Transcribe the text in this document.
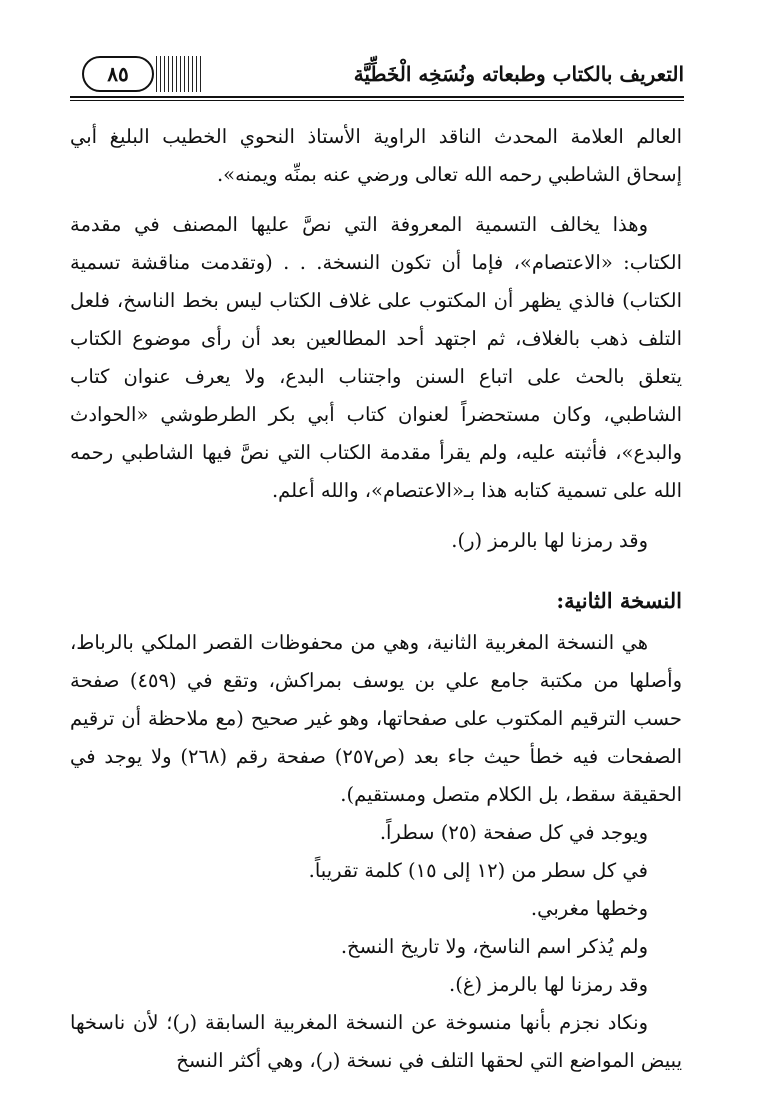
التعريف بالكتاب وطبعاته ونُسَخِه الْخَطِّيَّة
٨٥

العالم العلامة المحدث الناقد الراوية الأستاذ النحوي الخطيب البليغ أبي إسحاق الشاطبي رحمه الله تعالى ورضي عنه بمنِّه ويمنه».

وهذا يخالف التسمية المعروفة التي نصَّ عليها المصنف في مقدمة الكتاب: «الاعتصام»، فإما أن تكون النسخة. . . (وتقدمت مناقشة تسمية الكتاب) فالذي يظهر أن المكتوب على غلاف الكتاب ليس بخط الناسخ، فلعل التلف ذهب بالغلاف، ثم اجتهد أحد المطالعين بعد أن رأى موضوع الكتاب يتعلق بالحث على اتباع السنن واجتناب البدع، ولا يعرف عنوان كتاب الشاطبي، وكان مستحضراً لعنوان كتاب أبي بكر الطرطوشي «الحوادث والبدع»، فأثبته عليه، ولم يقرأ مقدمة الكتاب التي نصَّ فيها الشاطبي رحمه الله على تسمية كتابه هذا بـ«الاعتصام»، والله أعلم.

وقد رمزنا لها بالرمز (ر).

النسخة الثانية:

هي النسخة المغربية الثانية، وهي من محفوظات القصر الملكي بالرباط، وأصلها من مكتبة جامع علي بن يوسف بمراكش، وتقع في (٤٥٩) صفحة حسب الترقيم المكتوب على صفحاتها، وهو غير صحيح (مع ملاحظة أن ترقيم الصفحات فيه خطأ حيث جاء بعد (ص٢٥٧) صفحة رقم (٢٦٨) ولا يوجد في الحقيقة سقط، بل الكلام متصل ومستقيم).

ويوجد في كل صفحة (٢٥) سطراً.

في كل سطر من (١٢ إلى ١٥) كلمة تقريباً.

وخطها مغربي.

ولم يُذكر اسم الناسخ، ولا تاريخ النسخ.

وقد رمزنا لها بالرمز (غ).

ونكاد نجزم بأنها منسوخة عن النسخة المغربية السابقة (ر)؛ لأن ناسخها يبيض المواضع التي لحقها التلف في نسخة (ر)، وهي أكثر النسخ
